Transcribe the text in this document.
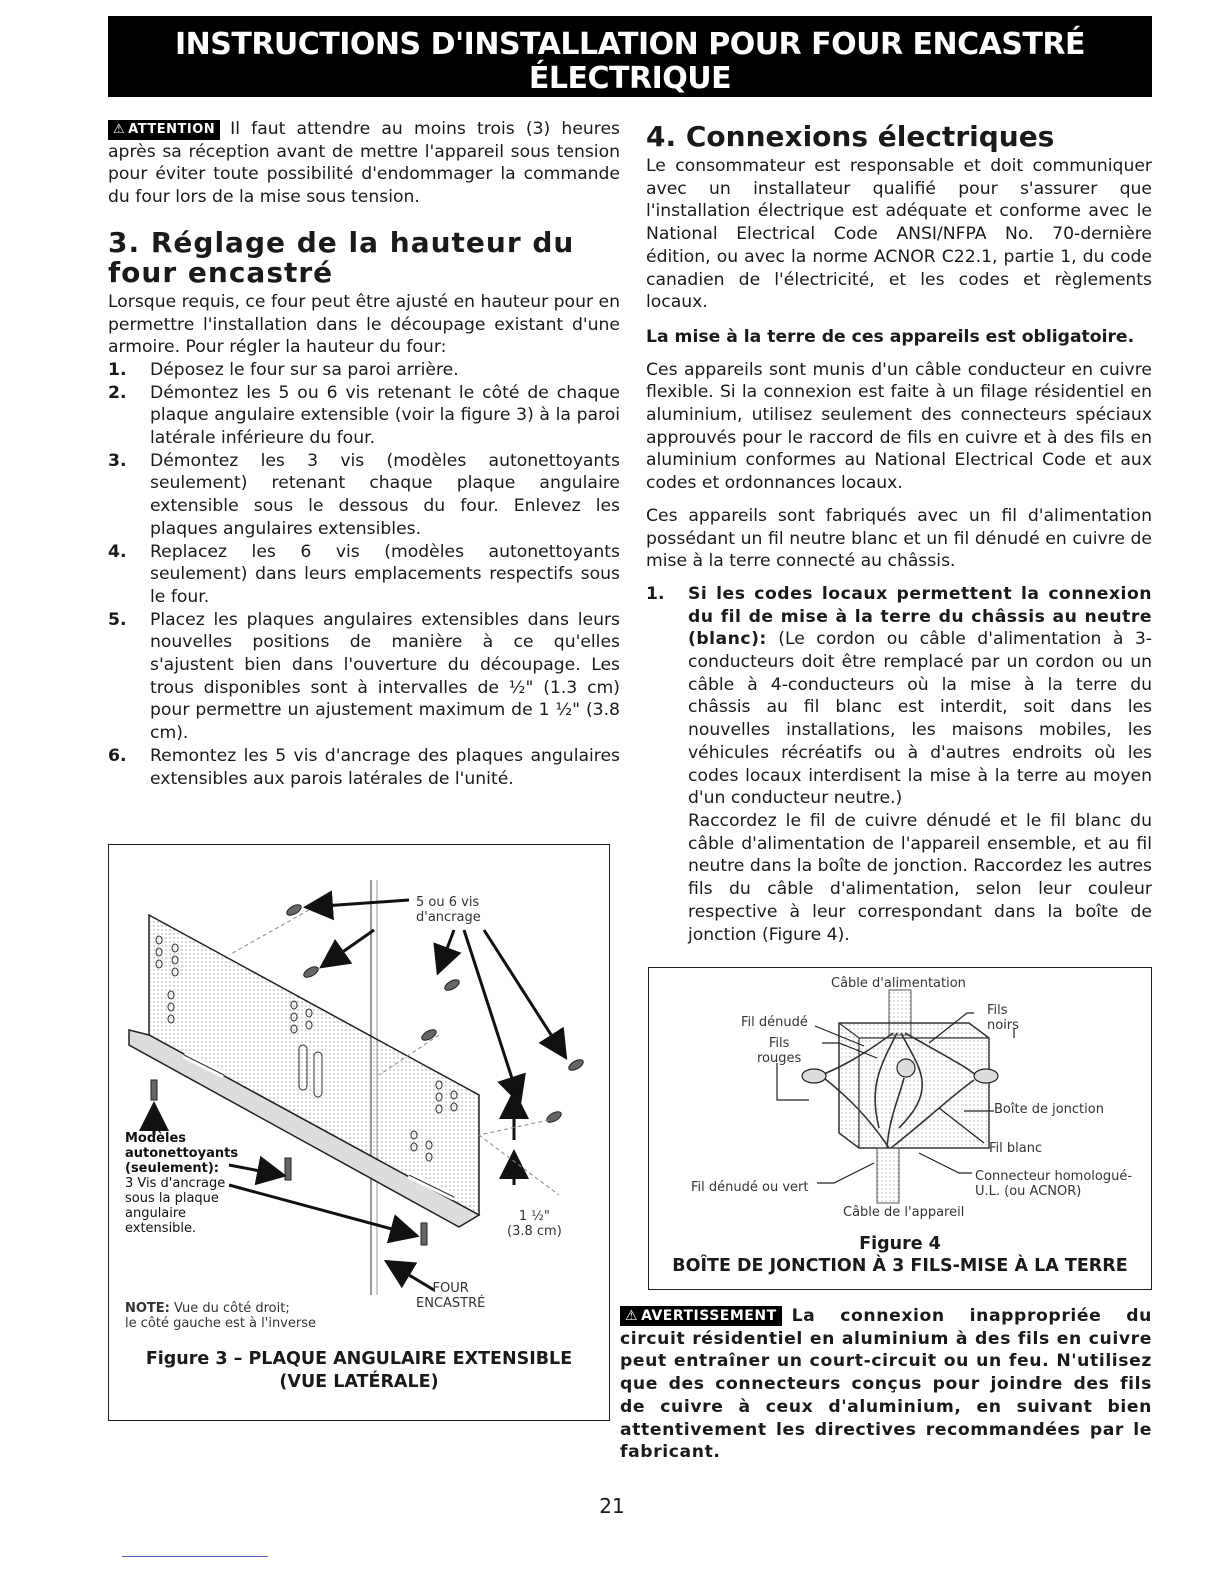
INSTRUCTIONS D'INSTALLATION POUR FOUR ENCASTRÉ ÉLECTRIQUE
(Modèles à porte ouvrant de côté)

⚠ ATTENTION Il faut attendre au moins trois (3) heures après sa réception avant de mettre l'appareil sous tension pour éviter toute possibilité d'endommager la commande du four lors de la mise sous tension.

3. Réglage de la hauteur du four encastré

Lorsque requis, ce four peut être ajusté en hauteur pour en permettre l'installation dans le découpage existant d'une armoire. Pour régler la hauteur du four:

1. Déposez le four sur sa paroi arrière.
2. Démontez les 5 ou 6 vis retenant le côté de chaque plaque angulaire extensible (voir la figure 3) à la paroi latérale inférieure du four.
3. Démontez les 3 vis (modèles autonettoyants seulement) retenant chaque plaque angulaire extensible sous le dessous du four. Enlevez les plaques angulaires extensibles.
4. Replacez les 6 vis (modèles autonettoyants seulement) dans leurs emplacements respectifs sous le four.
5. Placez les plaques angulaires extensibles dans leurs nouvelles positions de manière à ce qu'elles s'ajustent bien dans l'ouverture du découpage. Les trous disponibles sont à intervalles de ½" (1.3 cm) pour permettre un ajustement maximum de 1 ½" (3.8 cm).
6. Remontez les 5 vis d'ancrage des plaques angulaires extensibles aux parois latérales de l'unité.
5 ou 6 vis
d'ancrage
Modèles
autonettoyants
(seulement):
3 Vis d'ancrage
sous la plaque
angulaire
extensible.
1 ½"
(3.8 cm)
FOUR
ENCASTRÉ
NOTE: Vue du côté droit;
le côté gauche est à l'inverse
Figure 3 – PLAQUE ANGULAIRE EXTENSIBLE
(VUE LATÉRALE)
4. Connexions électriques

Le consommateur est responsable et doit communiquer avec un installateur qualifié pour s'assurer que l'installation électrique est adéquate et conforme avec le National Electrical Code ANSI/NFPA No. 70-dernière édition, ou avec la norme ACNOR C22.1, partie 1, du code canadien de l'électricité, et les codes et règlements locaux.

La mise à la terre de ces appareils est obligatoire.

Ces appareils sont munis d'un câble conducteur en cuivre flexible. Si la connexion est faite à un filage résidentiel en aluminium, utilisez seulement des connecteurs spéciaux approuvés pour le raccord de fils en cuivre et à des fils en aluminium conformes au National Electrical Code et aux codes et ordonnances locaux.

Ces appareils sont fabriqués avec un fil d'alimentation possédant un fil neutre blanc et un fil dénudé en cuivre de mise à la terre connecté au châssis.

1. Si les codes locaux permettent la connexion du fil de mise à la terre du châssis au neutre (blanc): (Le cordon ou câble d'alimentation à 3-conducteurs doit être remplacé par un cordon ou un câble à 4-conducteurs où la mise à la terre du châssis au fil blanc est interdit, soit dans les nouvelles installations, les maisons mobiles, les véhicules récréatifs ou à d'autres endroits où les codes locaux interdisent la mise à la terre au moyen d'un conducteur neutre.)
Raccordez le fil de cuivre dénudé et le fil blanc du câble d'alimentation de l'appareil ensemble, et au fil neutre dans la boîte de jonction. Raccordez les autres fils du câble d'alimentation, selon leur couleur respective à leur correspondant dans la boîte de jonction (Figure 4).
Câble d'alimentation
Fil dénudé
Fils
rouges
Fils
noirs
Boîte de jonction
Fil blanc
Fil dénudé ou vert
Connecteur homologué-
U.L. (ou ACNOR)
Câble de l'appareil
Figure 4
BOÎTE DE JONCTION À 3 FILS-MISE À LA TERRE
⚠ AVERTISSEMENT La connexion inappropriée du circuit résidentiel en aluminium à des fils en cuivre peut entraîner un court-circuit ou un feu. N'utilisez que des connecteurs conçus pour joindre des fils de cuivre à ceux d'aluminium, en suivant bien attentivement les directives recommandées par le fabricant.
21
